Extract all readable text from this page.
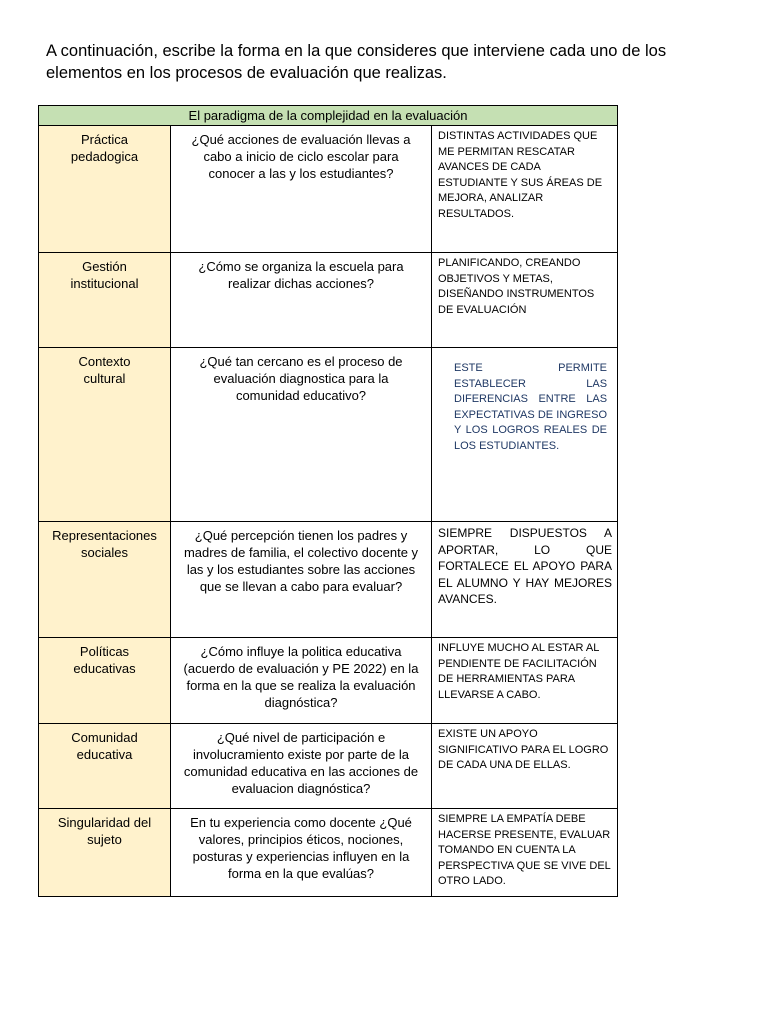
A continuación, escribe la forma en la que consideres que interviene cada uno de los elementos en los procesos de evaluación que realizas.

El paradigma de la complejidad en la evaluación		
Práctica pedadogica	¿Qué acciones de evaluación llevas a cabo a inicio de ciclo escolar para conocer a las y los estudiantes?	DISTINTAS ACTIVIDADES QUE ME PERMITAN RESCATAR AVANCES DE CADA ESTUDIANTE Y SUS ÁREAS DE MEJORA, ANALIZAR RESULTADOS.
Gestión institucional	¿Cómo se organiza la escuela para realizar dichas acciones?	PLANIFICANDO, CREANDO OBJETIVOS Y METAS, DISEÑANDO INSTRUMENTOS DE EVALUACIÓN
Contexto cultural	¿Qué tan cercano es el proceso de evaluación diagnostica para la comunidad educativo?	ESTE PERMITE ESTABLECER LAS DIFERENCIAS ENTRE LAS EXPECTATIVAS DE INGRESO Y LOS LOGROS REALES DE LOS ESTUDIANTES.
Representaciones sociales	¿Qué percepción tienen los padres y madres de familia, el colectivo docente y las y los estudiantes sobre las acciones que se llevan a cabo para evaluar?	SIEMPRE DISPUESTOS A APORTAR, LO QUE FORTALECE EL APOYO PARA EL ALUMNO Y HAY MEJORES AVANCES.
Políticas educativas	¿Cómo influye la politica educativa (acuerdo de evaluación y PE 2022) en la forma en la que se realiza la evaluación diagnóstica?	INFLUYE MUCHO AL ESTAR AL PENDIENTE DE FACILITACIÓN DE HERRAMIENTAS PARA LLEVARSE A CABO.
Comunidad educativa	¿Qué nivel de participación e involucramiento existe por parte de la comunidad educativa en las acciones de evaluacion diagnóstica?	EXISTE UN APOYO SIGNIFICATIVO PARA EL LOGRO DE CADA UNA DE ELLAS.
Singularidad del sujeto	En tu experiencia como docente ¿Qué valores, principios éticos, nociones, posturas y experiencias influyen en la forma en la que evalúas?	SIEMPRE LA EMPATÍA DEBE HACERSE PRESENTE, EVALUAR TOMANDO EN CUENTA LA PERSPECTIVA QUE SE VIVE DEL OTRO LADO.
